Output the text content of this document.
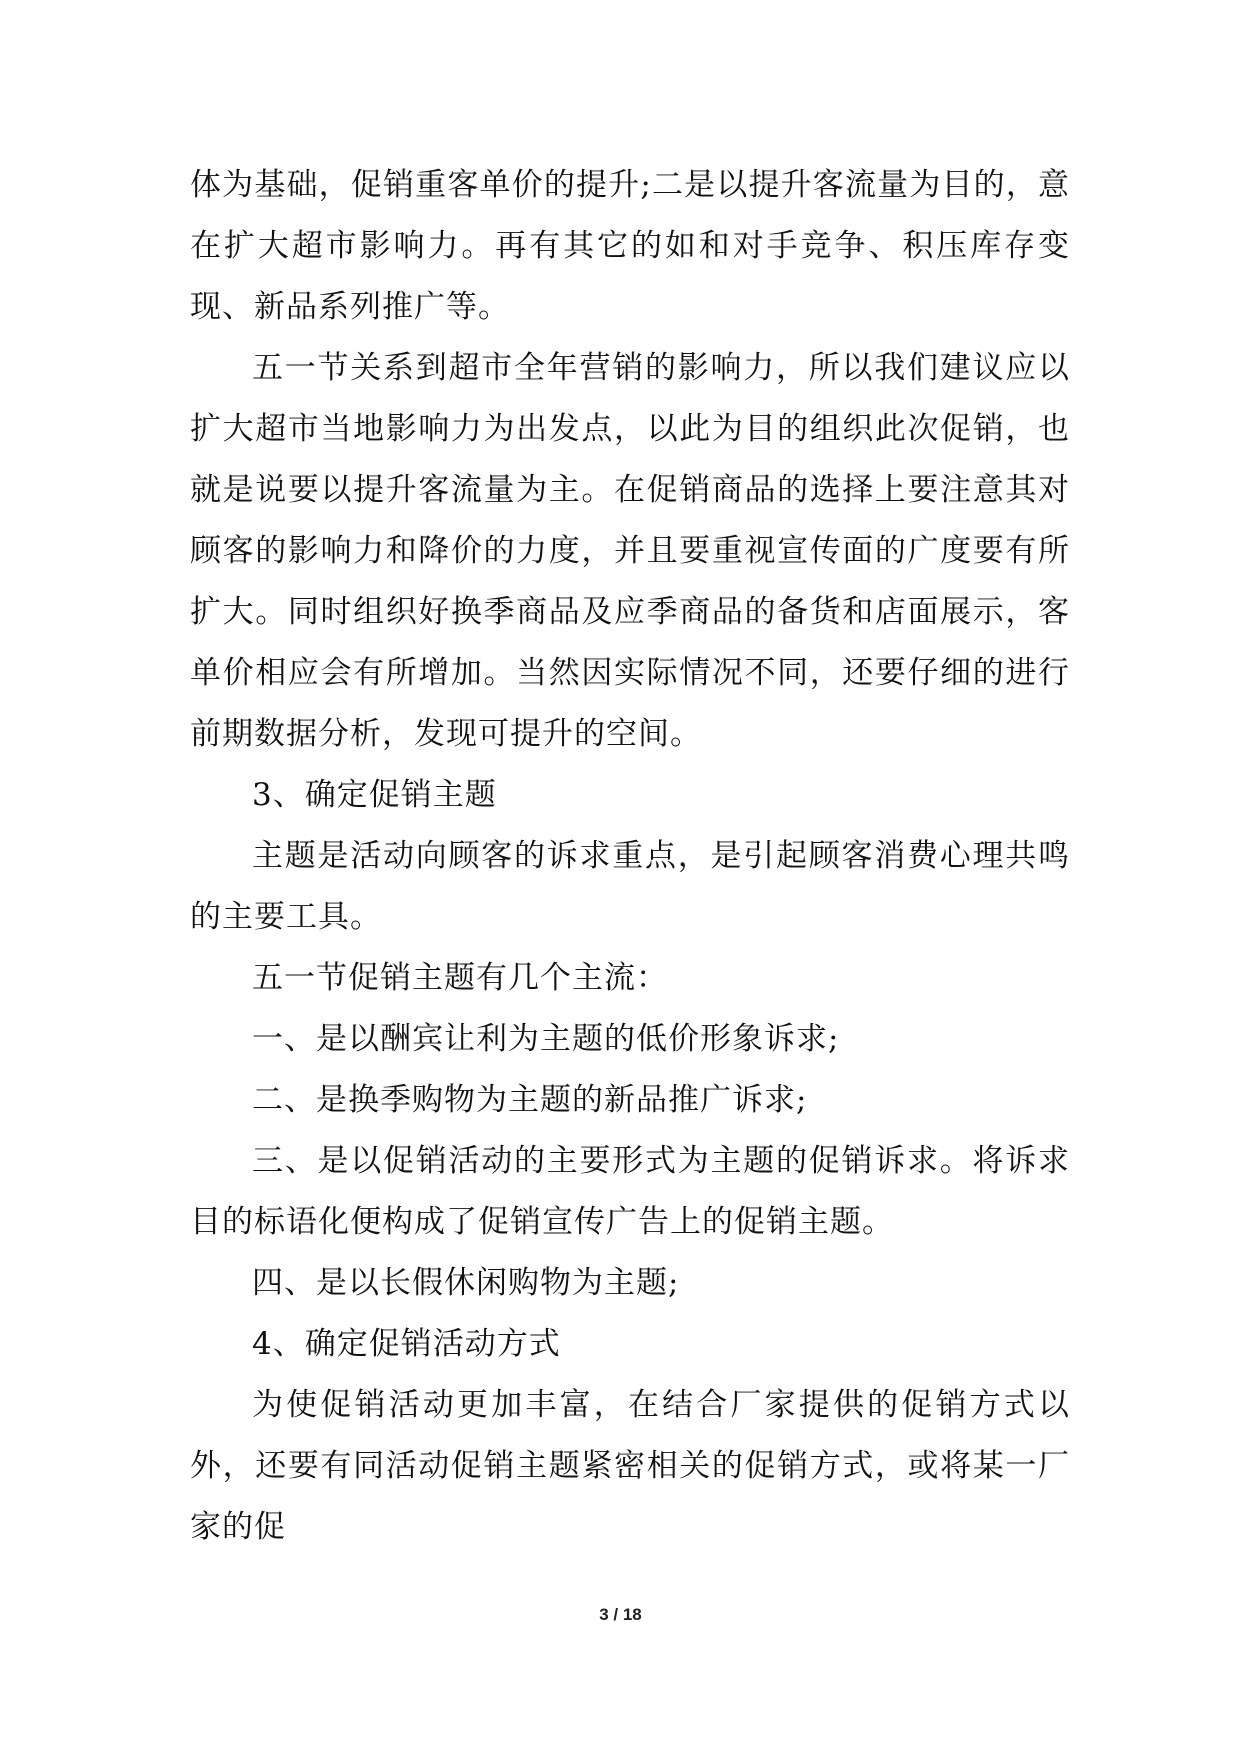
体为基础，促销重客单价的提升;二是以提升客流量为目的，意在扩大超市影响力。再有其它的如和对手竞争、积压库存变现、新品系列推广等。

五一节关系到超市全年营销的影响力，所以我们建议应以扩大超市当地影响力为出发点，以此为目的组织此次促销，也就是说要以提升客流量为主。在促销商品的选择上要注意其对顾客的影响力和降价的力度，并且要重视宣传面的广度要有所扩大。同时组织好换季商品及应季商品的备货和店面展示，客单价相应会有所增加。当然因实际情况不同，还要仔细的进行前期数据分析，发现可提升的空间。

3、确定促销主题

主题是活动向顾客的诉求重点，是引起顾客消费心理共鸣的主要工具。

五一节促销主题有几个主流：

一、是以酬宾让利为主题的低价形象诉求;

二、是换季购物为主题的新品推广诉求;

三、是以促销活动的主要形式为主题的促销诉求。将诉求目的标语化便构成了促销宣传广告上的促销主题。

四、是以长假休闲购物为主题;

4、确定促销活动方式

为使促销活动更加丰富，在结合厂家提供的促销方式以外，还要有同活动促销主题紧密相关的促销方式，或将某一厂家的促

3 / 18
